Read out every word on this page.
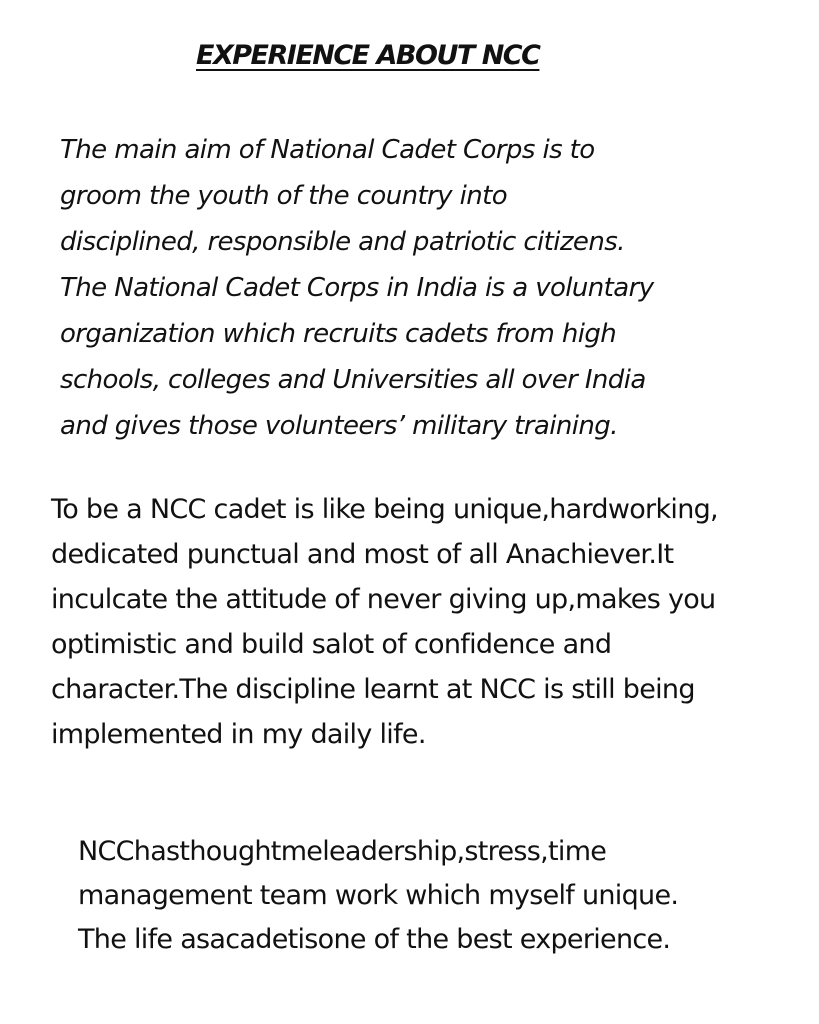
EXPERIENCE ABOUT NCC
The main aim of National Cadet Corps is to
groom the youth of the country into
disciplined, responsible and patriotic citizens.
The National Cadet Corps in India is a voluntary
organization which recruits cadets from high
schools, colleges and Universities all over India
and gives those volunteers’ military training.
To be a NCC cadet is like being unique,hardworking,
dedicated punctual and most of all Anachiever.It
inculcate the attitude of never giving up,makes you
optimistic and build salot of confidence and
character.The discipline learnt at NCC is still being
implemented in my daily life.
NCChasthoughtmeleadership,stress,time
management team work which myself unique.
The life asacadetisone of the best experience.
